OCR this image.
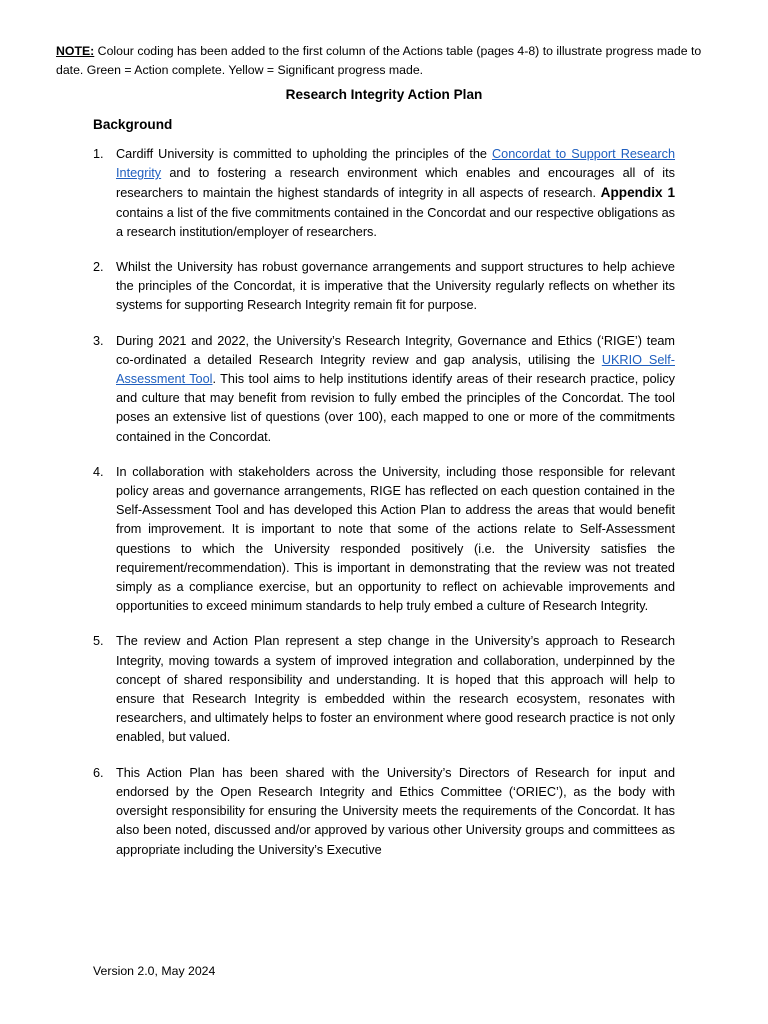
NOTE: Colour coding has been added to the first column of the Actions table (pages 4-8) to illustrate progress made to date. Green = Action complete. Yellow = Significant progress made.
Research Integrity Action Plan
Background
1. Cardiff University is committed to upholding the principles of the Concordat to Support Research Integrity and to fostering a research environment which enables and encourages all of its researchers to maintain the highest standards of integrity in all aspects of research. Appendix 1 contains a list of the five commitments contained in the Concordat and our respective obligations as a research institution/employer of researchers.
2. Whilst the University has robust governance arrangements and support structures to help achieve the principles of the Concordat, it is imperative that the University regularly reflects on whether its systems for supporting Research Integrity remain fit for purpose.
3. During 2021 and 2022, the University’s Research Integrity, Governance and Ethics (‘RIGE’) team co-ordinated a detailed Research Integrity review and gap analysis, utilising the UKRIO Self-Assessment Tool. This tool aims to help institutions identify areas of their research practice, policy and culture that may benefit from revision to fully embed the principles of the Concordat. The tool poses an extensive list of questions (over 100), each mapped to one or more of the commitments contained in the Concordat.
4. In collaboration with stakeholders across the University, including those responsible for relevant policy areas and governance arrangements, RIGE has reflected on each question contained in the Self-Assessment Tool and has developed this Action Plan to address the areas that would benefit from improvement. It is important to note that some of the actions relate to Self-Assessment questions to which the University responded positively (i.e. the University satisfies the requirement/recommendation). This is important in demonstrating that the review was not treated simply as a compliance exercise, but an opportunity to reflect on achievable improvements and opportunities to exceed minimum standards to help truly embed a culture of Research Integrity.
5. The review and Action Plan represent a step change in the University’s approach to Research Integrity, moving towards a system of improved integration and collaboration, underpinned by the concept of shared responsibility and understanding. It is hoped that this approach will help to ensure that Research Integrity is embedded within the research ecosystem, resonates with researchers, and ultimately helps to foster an environment where good research practice is not only enabled, but valued.
6. This Action Plan has been shared with the University’s Directors of Research for input and endorsed by the Open Research Integrity and Ethics Committee (‘ORIEC’), as the body with oversight responsibility for ensuring the University meets the requirements of the Concordat. It has also been noted, discussed and/or approved by various other University groups and committees as appropriate including the University’s Executive
Version 2.0, May 2024
